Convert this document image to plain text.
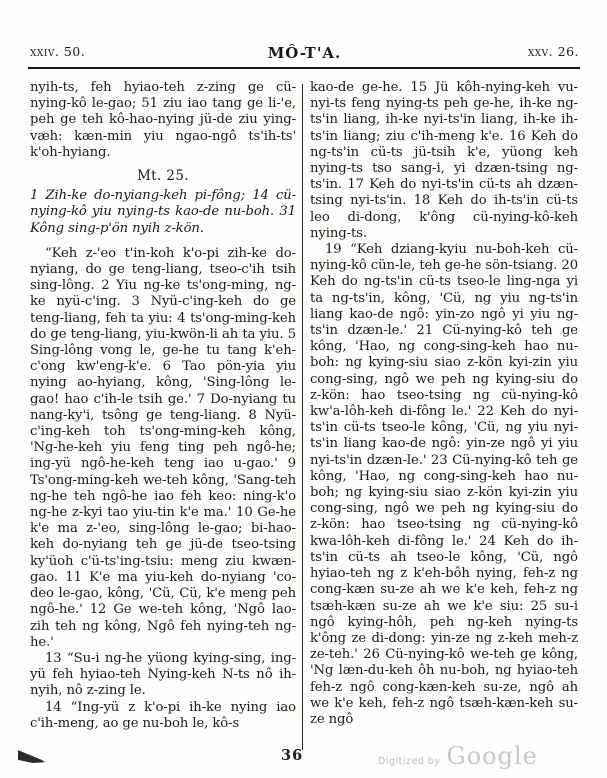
xxiv. 50.	MÔ-T'A.	xxv. 26.

nyih-ts, feh hyiao-teh z-zing ge cü-nying-kô le-gao; 51 ziu iao tang ge li-'e, peh ge teh kô-hao-nying jü-de ziu ying-væh: kæn-min yiu ngao-ngô ts'ih-ts' k'oh-hyiang.

Mt. 25.

1 Zih-ke do-nyiang-keh pi-fông; 14 cü-nying-kô yiu nying-ts kao-de nu-boh. 31 Kông sing-p'ön nyih z-kön.

“Keh z-'eo t'in-koh k'o-pi zih-ke do-nyiang, do ge teng-liang, tseo-c'ih tsih sing-lông. 2 Yiu ng-ke ts'ong-ming, ng-ke nyü-c'ing. 3 Nyü-c'ing-keh do ge teng-liang, feh ta yiu: 4 ts'ong-ming-keh do ge teng-liang, yiu-kwön-li ah ta yiu. 5 Sing-lông vong le, ge-he tu tang k'eh-c'ong kw'eng-k'e. 6 Tao pön-yia yiu nying ao-hyiang, kông, 'Sing-lông le-gao! hao c'ih-le tsih ge.' 7 Do-nyiang tu nang-ky'i, tsông ge teng-liang. 8 Nyü-c'ing-keh toh ts'ong-ming-keh kông, 'Ng-he-keh yiu feng ting peh ngô-he; ing-yü ngô-he-keh teng iao u-gao.' 9 Ts'ong-ming-keh we-teh kông, 'Sang-teh ng-he teh ngô-he iao feh keo: ning-k'o ng-he z-kyi tao yiu-tin k'e ma.' 10 Ge-he k'e ma z-'eo, sing-lông le-gao; bi-hao-keh do-nyiang teh ge jü-de tseo-tsing ky'üoh c'ü-ts'ing-tsiu: meng ziu kwæn-gao. 11 K'e ma yiu-keh do-nyiang 'co-deo le-gao, kông, 'Cü, Cü, k'e meng peh ngô-he.' 12 Ge we-teh kông, 'Ngô lao-zih teh ng kông, Ngô feh nying-teh ng-he.'

13 “Su-i ng-he yüong kying-sing, ing-yü feh hyiao-teh Nying-keh N-ts nô ih-nyih, nô z-zing le.

14 “Ing-yü z k'o-pi ih-ke nying iao c'ih-meng, ao ge nu-boh le, kô-s

kao-de ge-he. 15 Jü kôh-nying-keh vu-nyi-ts feng nying-ts peh ge-he, ih-ke ng-ts'in liang, ih-ke nyi-ts'in liang, ih-ke ih-ts'in liang; ziu c'ih-meng k'e. 16 Keh do ng-ts'in cü-ts jü-tsih k'e, yüong keh nying-ts tso sang-i, yi dzæn-tsing ng-ts'in. 17 Keh do nyi-ts'in cü-ts ah dzæn-tsing nyi-ts'in. 18 Keh do ih-ts'in cü-ts leo di-dong, k'ông cü-nying-kô-keh nying-ts.

19 “Keh dziang-kyiu nu-boh-keh cü-nying-kô cün-le, teh ge-he sön-tsiang. 20 Keh do ng-ts'in cü-ts tseo-le ling-nga yi ta ng-ts'in, kông, 'Cü, ng yiu ng-ts'in liang kao-de ngô: yin-zo ngô yi yiu ng-ts'in dzæn-le.' 21 Cü-nying-kô teh ge kông, 'Hao, ng cong-sing-keh hao nu-boh: ng kying-siu siao z-kön kyi-zin yiu cong-sing, ngô we peh ng kying-siu do z-kön: hao tseo-tsing ng cü-nying-kô kw'a-lôh-keh di-fông le.' 22 Keh do nyi-ts'in cü-ts tseo-le kông, 'Cü, ng yiu nyi-ts'in liang kao-de ngô: yin-ze ngô yi yiu nyi-ts'in dzæn-le.' 23 Cü-nying-kô teh ge kông, 'Hao, ng cong-sing-keh hao nu-boh; ng kying-siu siao z-kön kyi-zin yiu cong-sing, ngô we peh ng kying-siu do z-kön: hao tseo-tsing ng cü-nying-kô kwa-lôh-keh di-fông le.' 24 Keh do ih-ts'in cü-ts ah tseo-le kông, 'Cü, ngô hyiao-teh ng z k'eh-bôh nying, feh-z ng cong-kæn su-ze ah we k'e keh, feh-z ng tsæh-kæn su-ze ah we k'e siu: 25 su-i ngô kying-hôh, peh ng-keh nying-ts k'ông ze di-dong: yin-ze ng z-keh meh-z ze-teh.' 26 Cü-nying-kô we-teh ge kông, 'Ng læn-du-keh ôh nu-boh, ng hyiao-teh feh-z ngô cong-kæn-keh su-ze, ngô ah we k'e keh, feh-z ngô tsæh-kæn-keh su-ze ngô

36	Digitized by Google
